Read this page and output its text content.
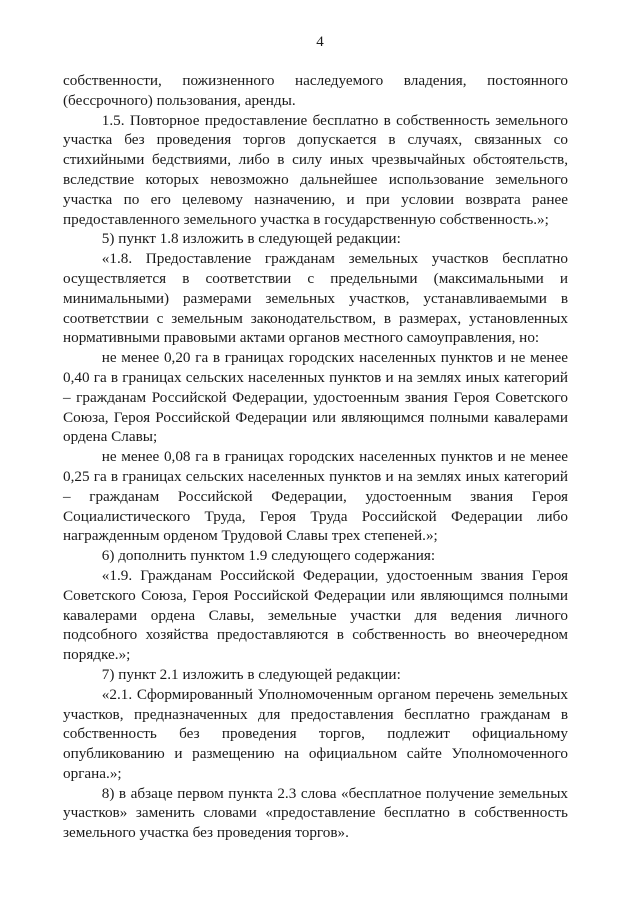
4

собственности, пожизненного наследуемого владения, постоянного (бессрочного) пользования, аренды.

1.5. Повторное предоставление бесплатно в собственность земельного участка без проведения торгов допускается в случаях, связанных со стихийными бедствиями, либо в силу иных чрезвычайных обстоятельств, вследствие которых невозможно дальнейшее использование земельного участка по его целевому назначению, и при условии возврата ранее предоставленного земельного участка в государственную собственность.»;

5) пункт 1.8 изложить в следующей редакции:

«1.8. Предоставление гражданам земельных участков бесплатно осуществляется в соответствии с предельными (максимальными и минимальными) размерами земельных участков, устанавливаемыми в соответствии с земельным законодательством, в размерах, установленных нормативными правовыми актами органов местного самоуправления, но:

не менее 0,20 га в границах городских населенных пунктов и не менее 0,40 га в границах сельских населенных пунктов и на землях иных категорий – гражданам Российской Федерации, удостоенным звания Героя Советского Союза, Героя Российской Федерации или являющимся полными кавалерами ордена Славы;

не менее 0,08 га в границах городских населенных пунктов и не менее 0,25 га в границах сельских населенных пунктов и на землях иных категорий – гражданам Российской Федерации, удостоенным звания Героя Социалистического Труда, Героя Труда Российской Федерации либо награжденным орденом Трудовой Славы трех степеней.»;

6) дополнить пунктом 1.9 следующего содержания:

«1.9. Гражданам Российской Федерации, удостоенным звания Героя Советского Союза, Героя Российской Федерации или являющимся полными кавалерами ордена Славы, земельные участки для ведения личного подсобного хозяйства предоставляются в собственность во внеочередном порядке.»;

7) пункт 2.1 изложить в следующей редакции:

«2.1. Сформированный Уполномоченным органом перечень земельных участков, предназначенных для предоставления бесплатно гражданам в собственность без проведения торгов, подлежит официальному опубликованию и размещению на официальном сайте Уполномоченного органа.»;

8) в абзаце первом пункта 2.3 слова «бесплатное получение земельных участков» заменить словами «предоставление бесплатно в собственность земельного участка без проведения торгов».
